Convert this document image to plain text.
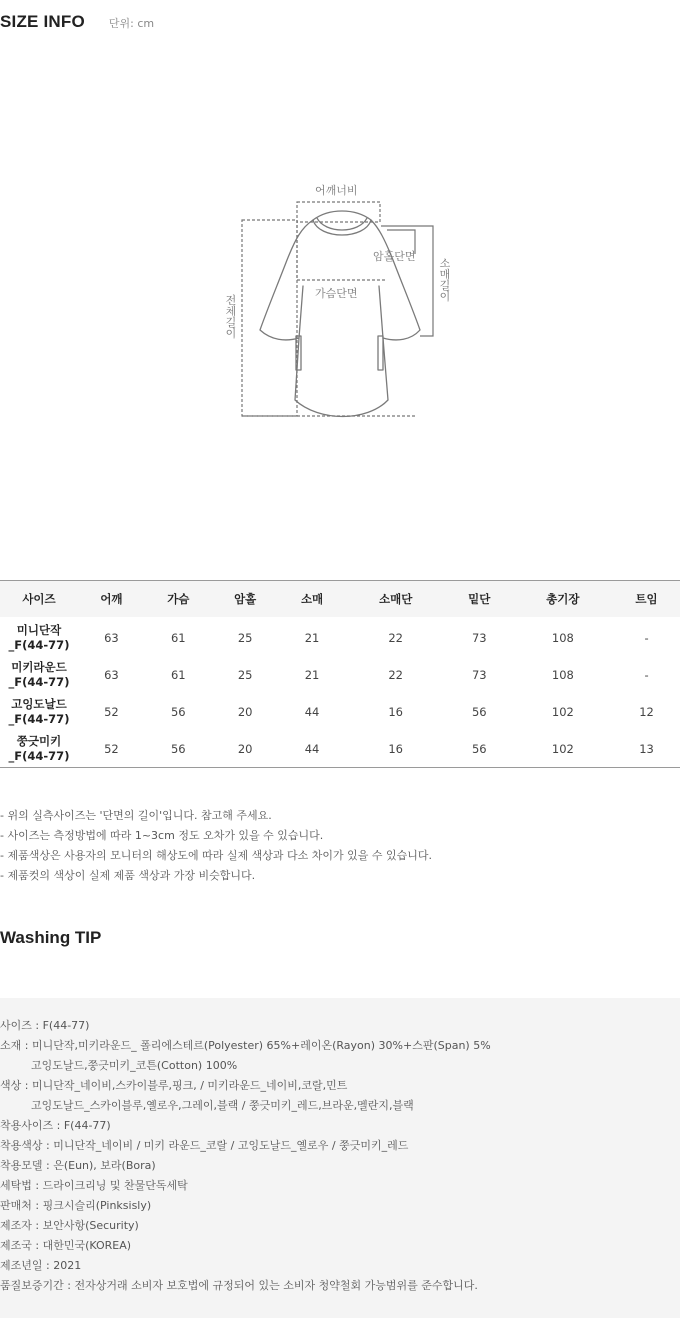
SIZE INFO 단위: cm
어깨너비
암홀단면
가슴단면
소매길이
전체길이
사이즈	어깨	가슴	암홀	소매	소매단	밑단	총기장	트임
미니단작_F(44-77)	63	61	25	21	22	73	108	-
미키라운드_F(44-77)	63	61	25	21	22	73	108	-
고잉도날드_F(44-77)	52	56	20	44	16	56	102	12
쭝긋미키_F(44-77)	52	56	20	44	16	56	102	13
- 위의 실측사이즈는 '단면의 길이'입니다. 참고해 주세요.
- 사이즈는 측정방법에 따라 1~3cm 정도 오차가 있을 수 있습니다.
- 제품색상은 사용자의 모니터의 해상도에 따라 실제 색상과 다소 차이가 있을 수 있습니다.
- 제품컷의 색상이 실제 제품 색상과 가장 비슷합니다.
Washing TIP
사이즈 : F(44-77)
소재 : 미니단작,미키라운드_ 폴리에스테르(Polyester) 65%+레이온(Rayon) 30%+스판(Span) 5%
고잉도날드,쭝긋미키_코튼(Cotton) 100%
색상 : 미니단작_네이비,스카이블루,핑크, / 미키라운드_네이비,코랄,민트
고잉도날드_스카이블루,옐로우,그레이,블랙 / 쭝긋미키_레드,브라운,멜란지,블랙
착용사이즈 : F(44-77)
착용색상 : 미니단작_네이비 / 미키 라운드_코랄 / 고잉도날드_옐로우 / 쭝긋미키_레드
착용모델 : 은(Eun), 보라(Bora)
세탁법 : 드라이크리닝 및 찬물단독세탁
판매처 : 핑크시슬리(Pinksisly)
제조자 : 보안사항(Security)
제조국 : 대한민국(KOREA)
제조년일 : 2021
품질보증기간 : 전자상거래 소비자 보호법에 규정되어 있는 소비자 청약철회 가능범위를 준수합니다.
